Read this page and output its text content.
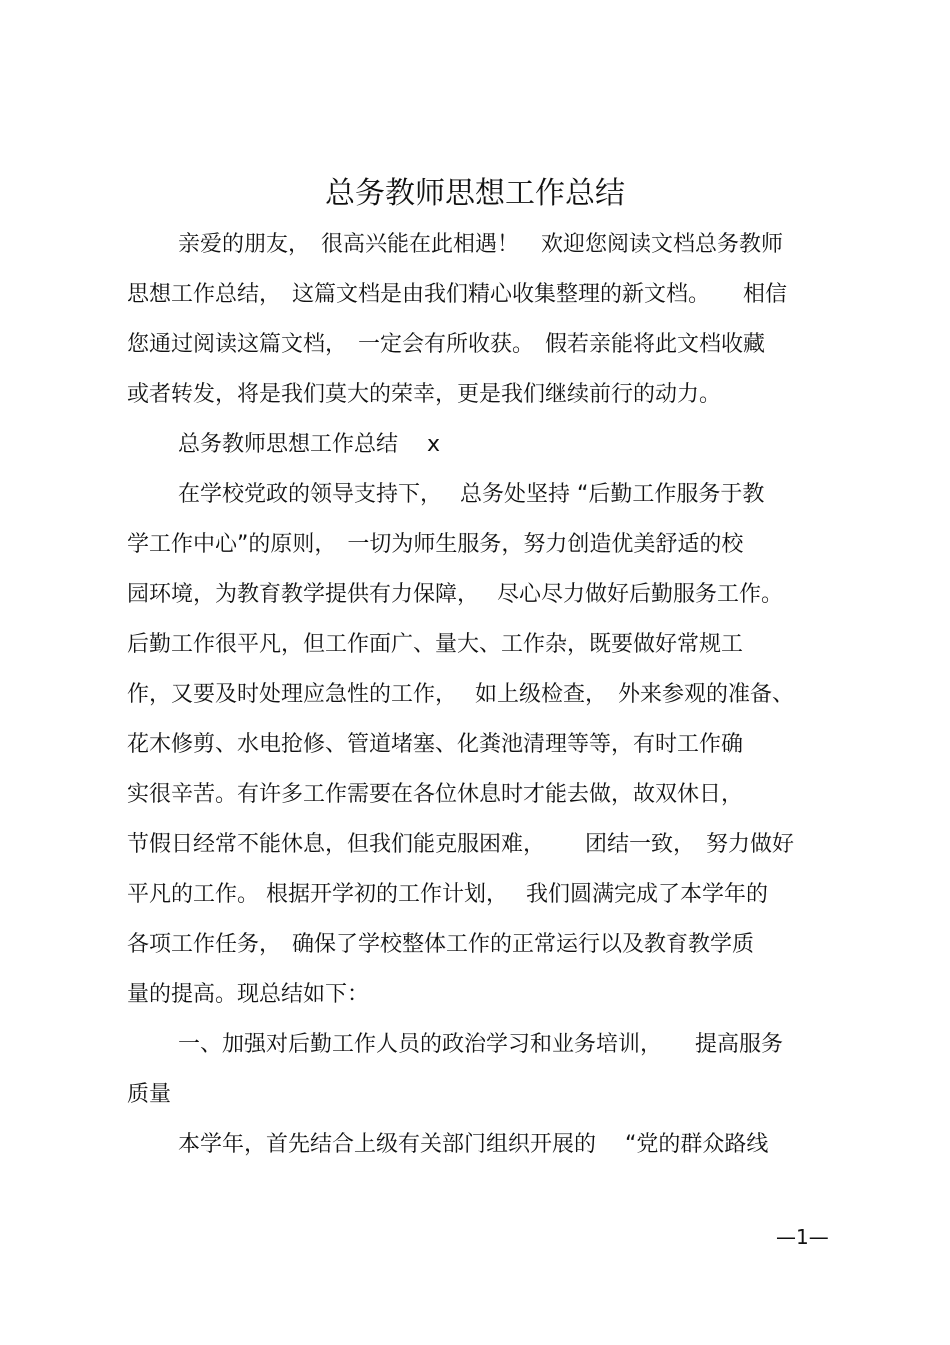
总务教师思想工作总结
亲爱的朋友，　很高兴能在此相遇！　欢迎您阅读文档总务教师
思想工作总结，　这篇文档是由我们精心收集整理的新文档。　　相信
您通过阅读这篇文档，　一定会有所收获。　假若亲能将此文档收藏
或者转发，将是我们莫大的荣幸，更是我们继续前行的动力。
总务教师思想工作总结　 x
在学校党政的领导支持下，　 总务处坚持 “后勤工作服务于教
学工作中心”的原则，　一切为师生服务，努力创造优美舒适的校
园环境，为教育教学提供有力保障，　 尽心尽力做好后勤服务工作。
后勤工作很平凡，但工作面广、量大、工作杂，既要做好常规工
作，又要及时处理应急性的工作，　 如上级检查，　外来参观的准备、
花木修剪、水电抢修、管道堵塞、化粪池清理等等，有时工作确
实很辛苦。有许多工作需要在各位休息时才能去做，故双休日，
节假日经常不能休息，但我们能克服困难，　　 团结一致，　努力做好
平凡的工作。 根据开学初的工作计划，　 我们圆满完成了本学年的
各项工作任务，　确保了学校整体工作的正常运行以及教育教学质
量的提高。现总结如下：
一、加强对后勤工作人员的政治学习和业务培训，　　提高服务
质量
本学年，首先结合上级有关部门组织开展的　 “党的群众路线
—1—
